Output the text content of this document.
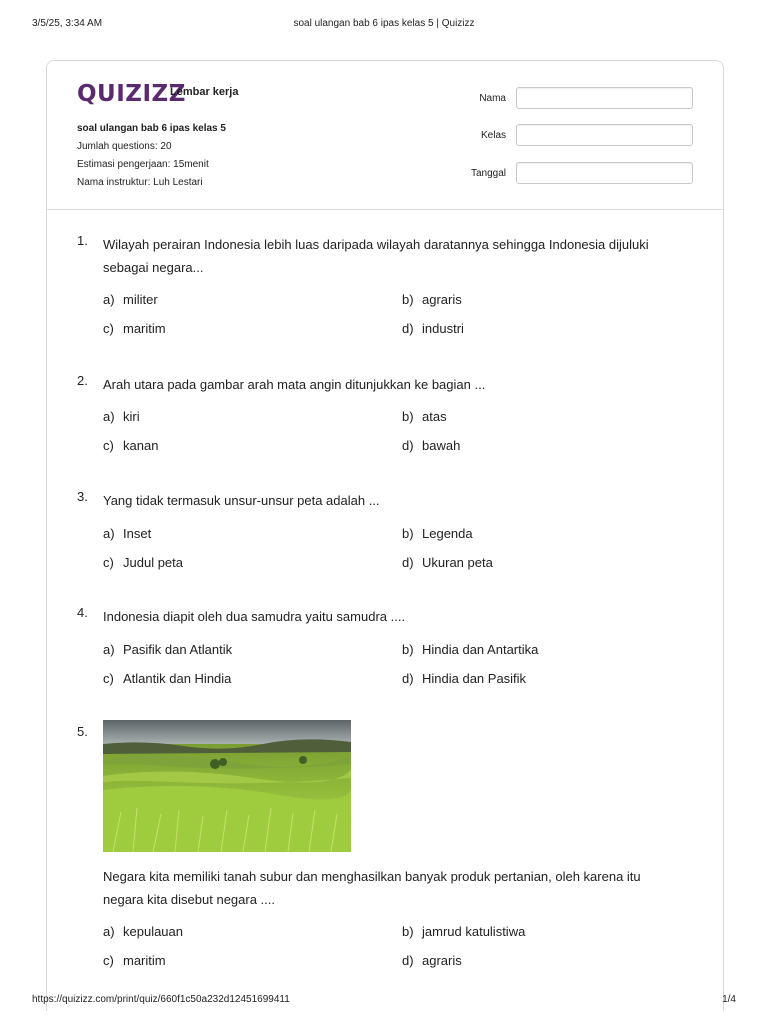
3/5/25, 3:34 AM	soal ulangan bab 6 ipas kelas 5 | Quizizz
QUIZIZZ
Lembar kerja
soal ulangan bab 6 ipas kelas 5
Jumlah questions: 20
Estimasi pengerjaan: 15menit
Nama instruktur: Luh Lestari
Nama
Kelas
Tanggal
1. Wilayah perairan Indonesia lebih luas daripada wilayah daratannya sehingga Indonesia dijuluki sebagai negara...
a) militer	b) agraris
c) maritim	d) industri
2. Arah utara pada gambar arah mata angin ditunjukkan ke bagian ...
a) kiri	b) atas
c) kanan	d) bawah
3. Yang tidak termasuk unsur-unsur peta adalah ...
a) Inset	b) Legenda
c) Judul peta	d) Ukuran peta
4. Indonesia diapit oleh dua samudra yaitu samudra ....
a) Pasifik dan Atlantik	b) Hindia dan Antartika
c) Atlantik dan Hindia	d) Hindia dan Pasifik
5.
Negara kita memiliki tanah subur dan menghasilkan banyak produk pertanian, oleh karena itu negara kita disebut negara ....
a) kepulauan	b) jamrud katulistiwa
c) maritim	d) agraris
https://quizizz.com/print/quiz/660f1c50a232d12451699411	1/4
